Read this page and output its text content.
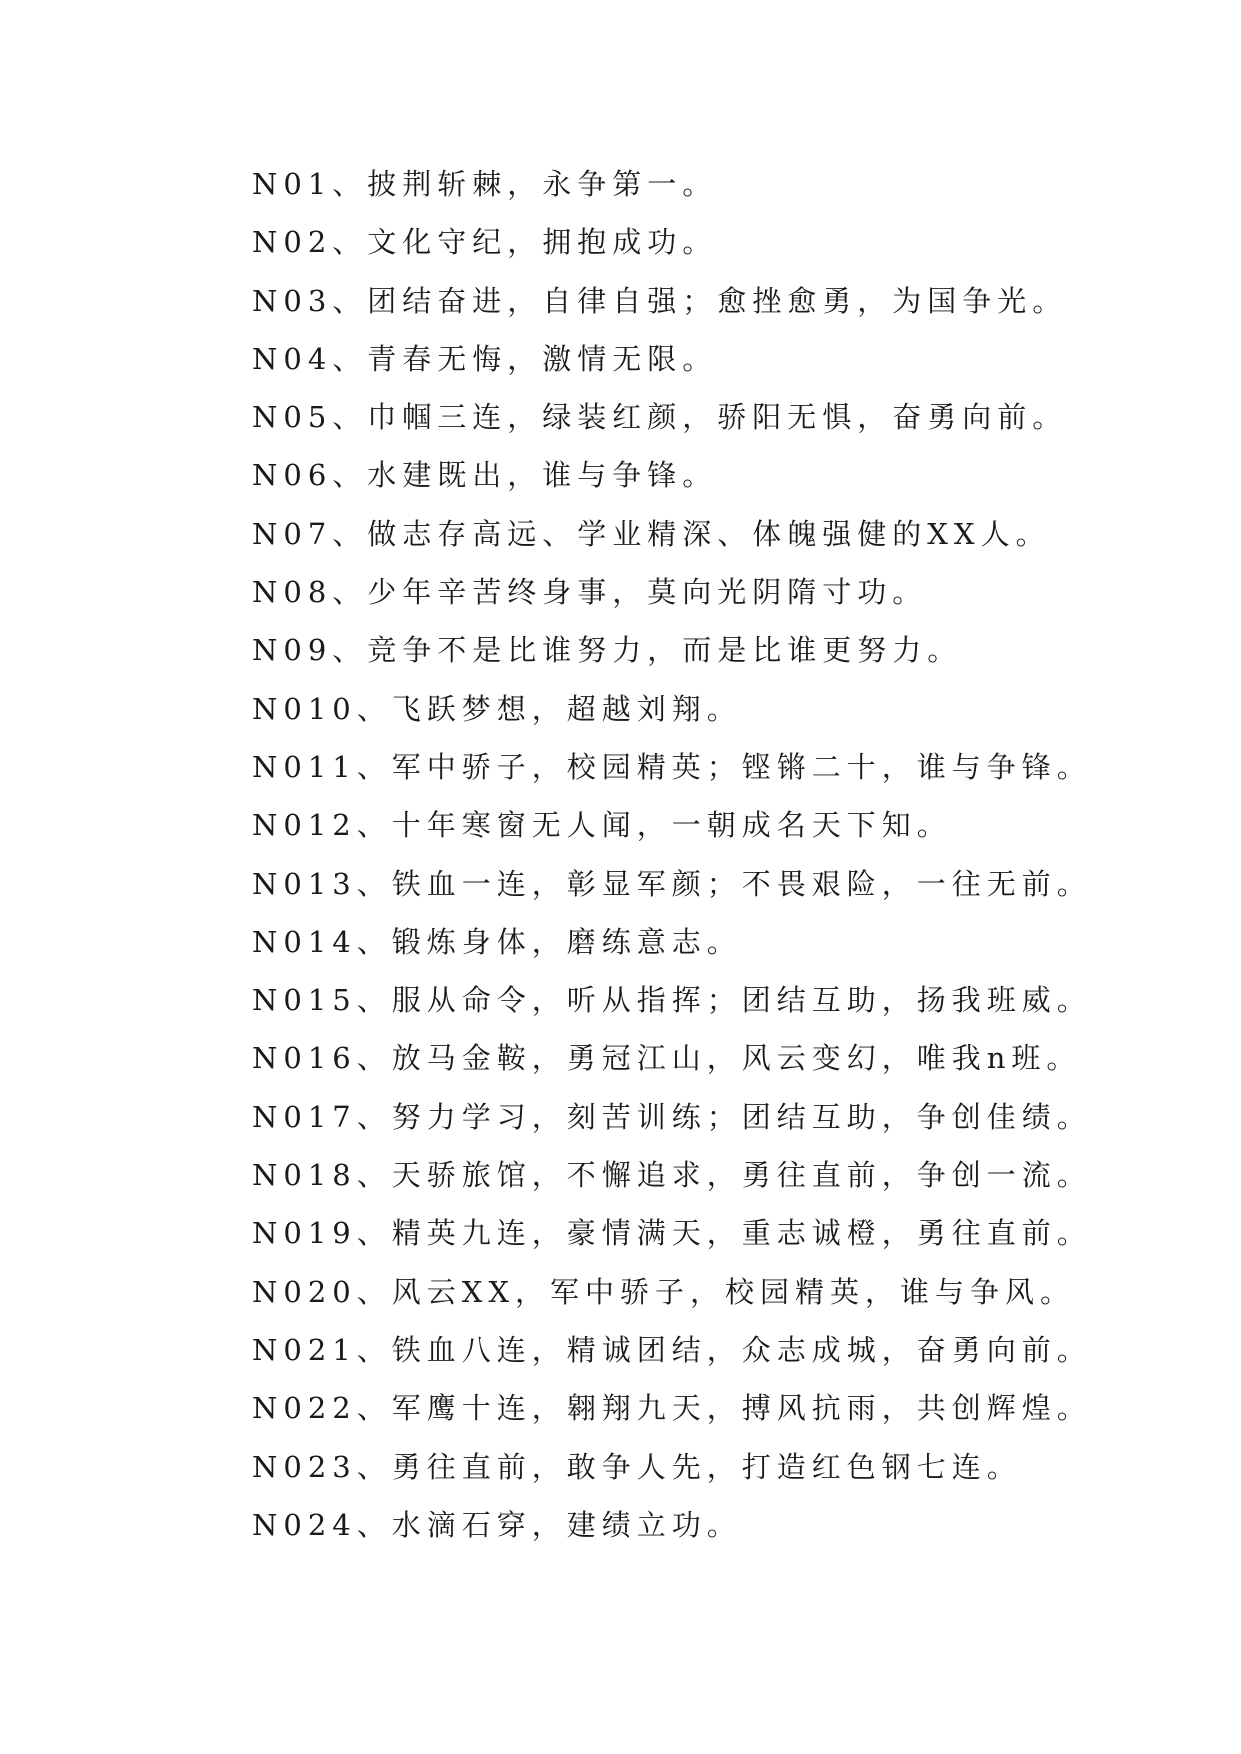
N01、披荆斩棘，永争第一。
N02、文化守纪，拥抱成功。
N03、团结奋进，自律自强；愈挫愈勇，为国争光。
N04、青春无悔，激情无限。
N05、巾帼三连，绿装红颜，骄阳无惧，奋勇向前。
N06、水建既出，谁与争锋。
N07、做志存高远、学业精深、体魄强健的XX人。
N08、少年辛苦终身事，莫向光阴隋寸功。
N09、竞争不是比谁努力，而是比谁更努力。
N010、飞跃梦想，超越刘翔。
N011、军中骄子，校园精英；铿锵二十，谁与争锋。
N012、十年寒窗无人闻，一朝成名天下知。
N013、铁血一连，彰显军颜；不畏艰险，一往无前。
N014、锻炼身体，磨练意志。
N015、服从命令，听从指挥；团结互助，扬我班威。
N016、放马金鞍，勇冠江山，风云变幻，唯我n班。
N017、努力学习，刻苦训练；团结互助，争创佳绩。
N018、天骄旅馆，不懈追求，勇往直前，争创一流。
N019、精英九连，豪情满天，重志诚橙，勇往直前。
N020、风云XX，军中骄子，校园精英，谁与争风。
N021、铁血八连，精诚团结，众志成城，奋勇向前。
N022、军鹰十连，翱翔九天，搏风抗雨，共创辉煌。
N023、勇往直前，敢争人先，打造红色钢七连。
N024、水滴石穿，建绩立功。
